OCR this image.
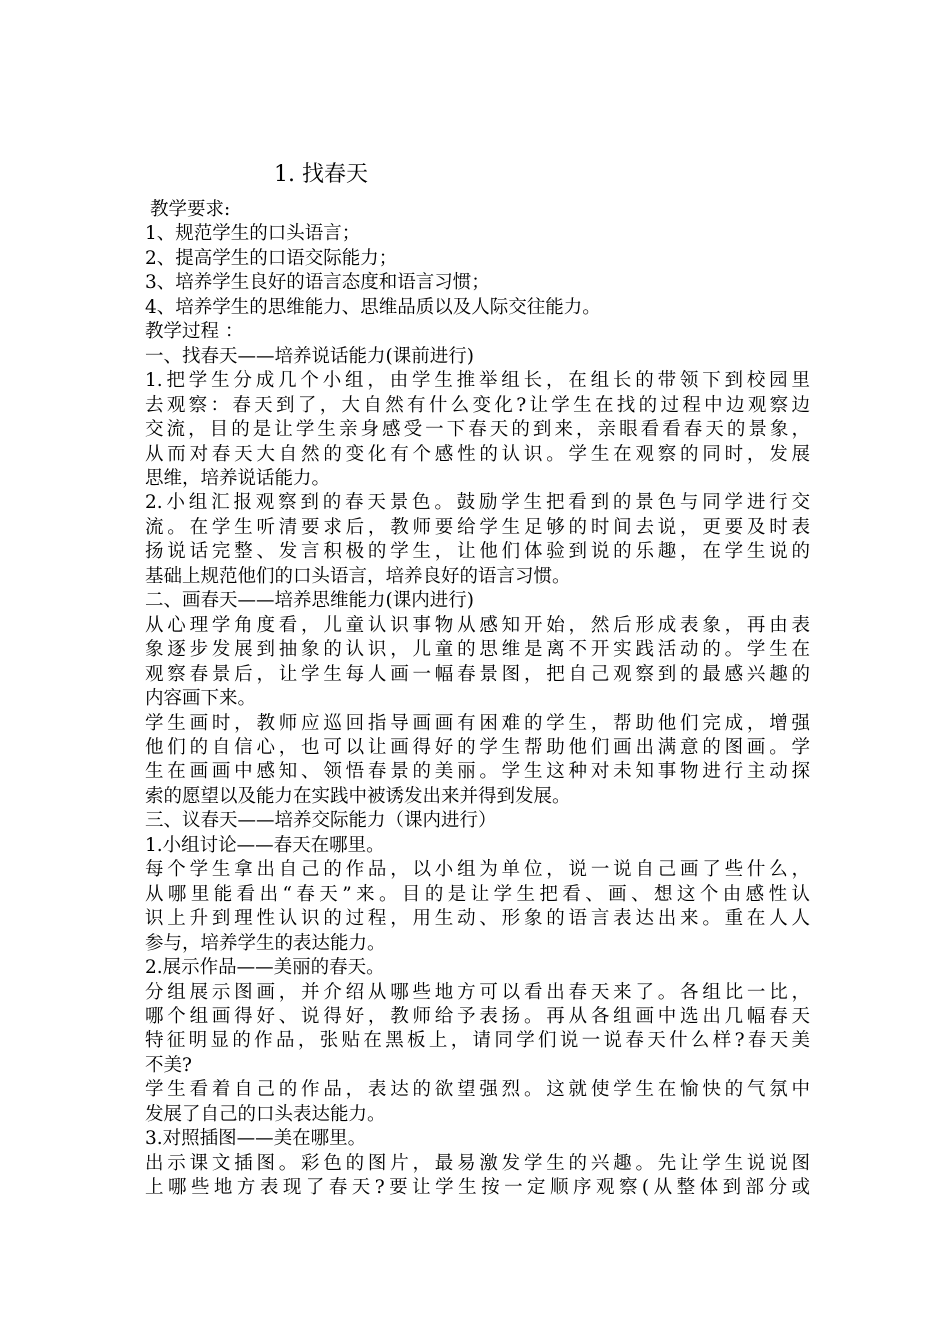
1. 找春天
教学要求:
1、规范学生的口头语言；
2、提高学生的口语交际能力；
3、培养学生良好的语言态度和语言习惯；
4、培养学生的思维能力、思维品质以及人际交往能力。
教学过程 ：
一、找春天——培养说话能力(课前进行)
1.把学生分成几个小组，由学生推举组长，在组长的带领下到校园里
去观察：春天到了，大自然有什么变化?让学生在找的过程中边观察边
交流，目的是让学生亲身感受一下春天的到来，亲眼看看春天的景象，
从而对春天大自然的变化有个感性的认识。学生在观察的同时，发展
思维，培养说话能力。
2.小组汇报观察到的春天景色。鼓励学生把看到的景色与同学进行交
流。在学生听清要求后，教师要给学生足够的时间去说，更要及时表
扬说话完整、发言积极的学生，让他们体验到说的乐趣，在学生说的
基础上规范他们的口头语言，培养良好的语言习惯。
二、画春天——培养思维能力(课内进行)
从心理学角度看，儿童认识事物从感知开始，然后形成表象，再由表
象逐步发展到抽象的认识，儿童的思维是离不开实践活动的。学生在
观察春景后，让学生每人画一幅春景图，把自己观察到的最感兴趣的
内容画下来。
学生画时，教师应巡回指导画画有困难的学生，帮助他们完成，增强
他们的自信心，也可以让画得好的学生帮助他们画出满意的图画。学
生在画画中感知、领悟春景的美丽。学生这种对未知事物进行主动探
索的愿望以及能力在实践中被诱发出来并得到发展。
三、议春天——培养交际能力（课内进行）
1.小组讨论——春天在哪里。
每个学生拿出自己的作品，以小组为单位，说一说自己画了些什么，
从哪里能看出“春天”来。目的是让学生把看、画、想这个由感性认
识上升到理性认识的过程，用生动、形象的语言表达出来。重在人人
参与，培养学生的表达能力。
2.展示作品——美丽的春天。
分组展示图画，并介绍从哪些地方可以看出春天来了。各组比一比，
哪个组画得好、说得好，教师给予表扬。再从各组画中选出几幅春天
特征明显的作品，张贴在黑板上，请同学们说一说春天什么样?春天美
不美?
学生看着自己的作品，表达的欲望强烈。这就使学生在愉快的气氛中
发展了自己的口头表达能力。
3.对照插图——美在哪里。
出示课文插图。彩色的图片，最易激发学生的兴趣。先让学生说说图
上哪些地方表现了春天?要让学生按一定顺序观察(从整体到部分或
